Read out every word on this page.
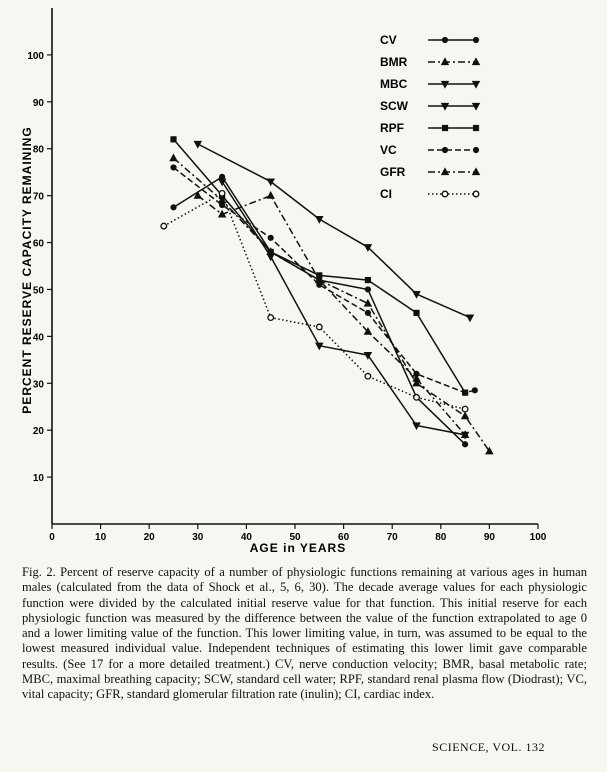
0	10	20	30	40	50	60	70	80	90	100
10
20
30
40
50
60
70
80
90
100
CV
BMR
MBC
SCW
RPF
VC
GFR
CI
AGE in YEARS
PERCENT RESERVE CAPACITY REMAINING

Fig. 2. Percent of reserve capacity of a number of physiologic functions remaining at various ages in human males (calculated from the data of Shock et al., 5, 6, 30). The decade average values for each physiologic function were divided by the calculated initial reserve value for that function. This initial reserve for each physiologic function was measured by the difference between the value of the function extrapolated to age 0 and a lower limiting value of the function. This lower limiting value, in turn, was assumed to be equal to the lowest measured individual value. Independent techniques of estimating this lower limit gave comparable results. (See 17 for a more detailed treatment.) CV, nerve conduction velocity; BMR, basal metabolic rate; MBC, maximal breathing capacity; SCW, standard cell water; RPF, standard renal plasma flow (Diodrast); VC, vital capacity; GFR, standard glomerular filtration rate (inulin); CI, cardiac index.

SCIENCE, VOL. 132
